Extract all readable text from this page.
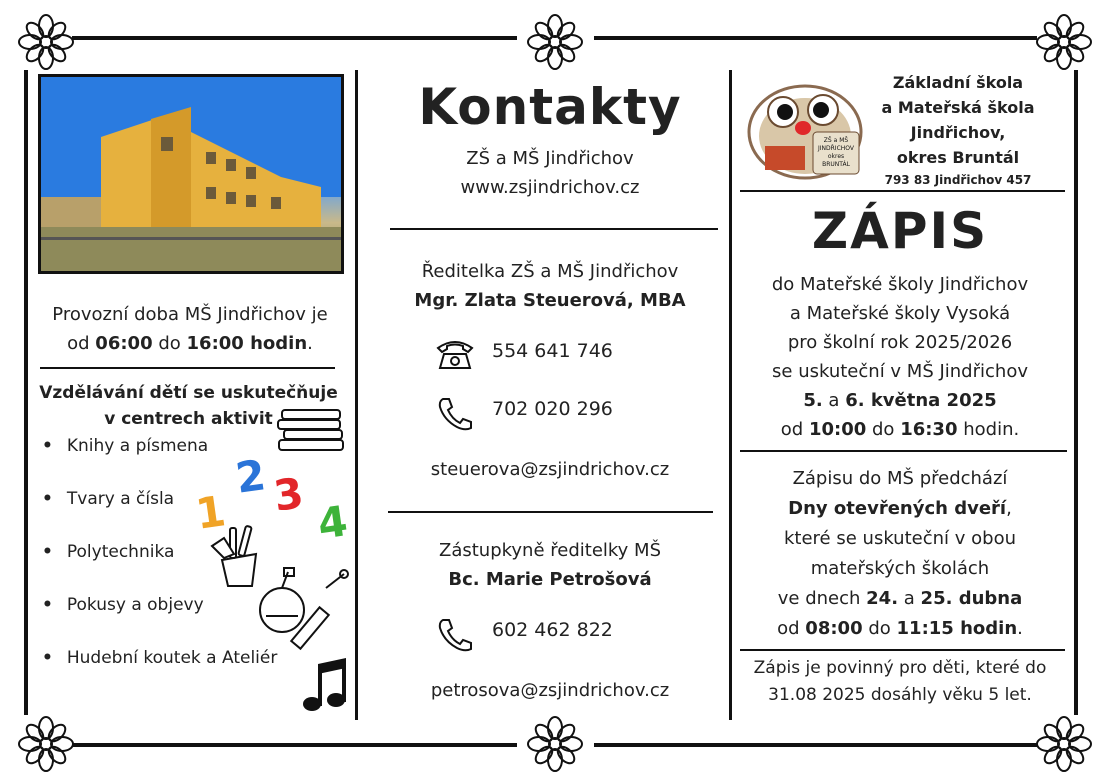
Provozní doba MŠ Jindřichov je
od 06:00 do 16:00 hodin.
Vzdělávání dětí se uskutečňuje
v centrech aktivit
• Knihy a písmena
• Tvary a čísla
• Polytechnika
• Pokusy a objevy
• Hudební koutek a Ateliér
1
2 3
4
Kontakty
ZŠ a MŠ Jindřichov
www.zsjindrichov.cz
Ředitelka ZŠ a MŠ Jindřichov
Mgr. Zlata Steuerová, MBA
554 641 746
702 020 296
steuerova@zsjindrichov.cz
Zástupkyně ředitelky MŠ
Bc. Marie Petrošová
602 462 822
petrosova@zsjindrichov.cz
ZŠ a MŠ
JINDŘICHOV
okres
BRUNTÁL
Základní škola
a Mateřská škola
Jindřichov,
okres Bruntál
793 83 Jindřichov 457
ZÁPIS
do Mateřské školy Jindřichov
a Mateřské školy Vysoká
pro školní rok 2025/2026
se uskuteční v MŠ Jindřichov
5. a 6. května 2025
od 10:00 do 16:30 hodin.
Zápisu do MŠ předchází
Dny otevřených dveří,
které se uskuteční v obou
mateřských školách
ve dnech 24. a 25. dubna
od 08:00 do 11:15 hodin.
Zápis je povinný pro děti, které do
31.08 2025 dosáhly věku 5 let.
